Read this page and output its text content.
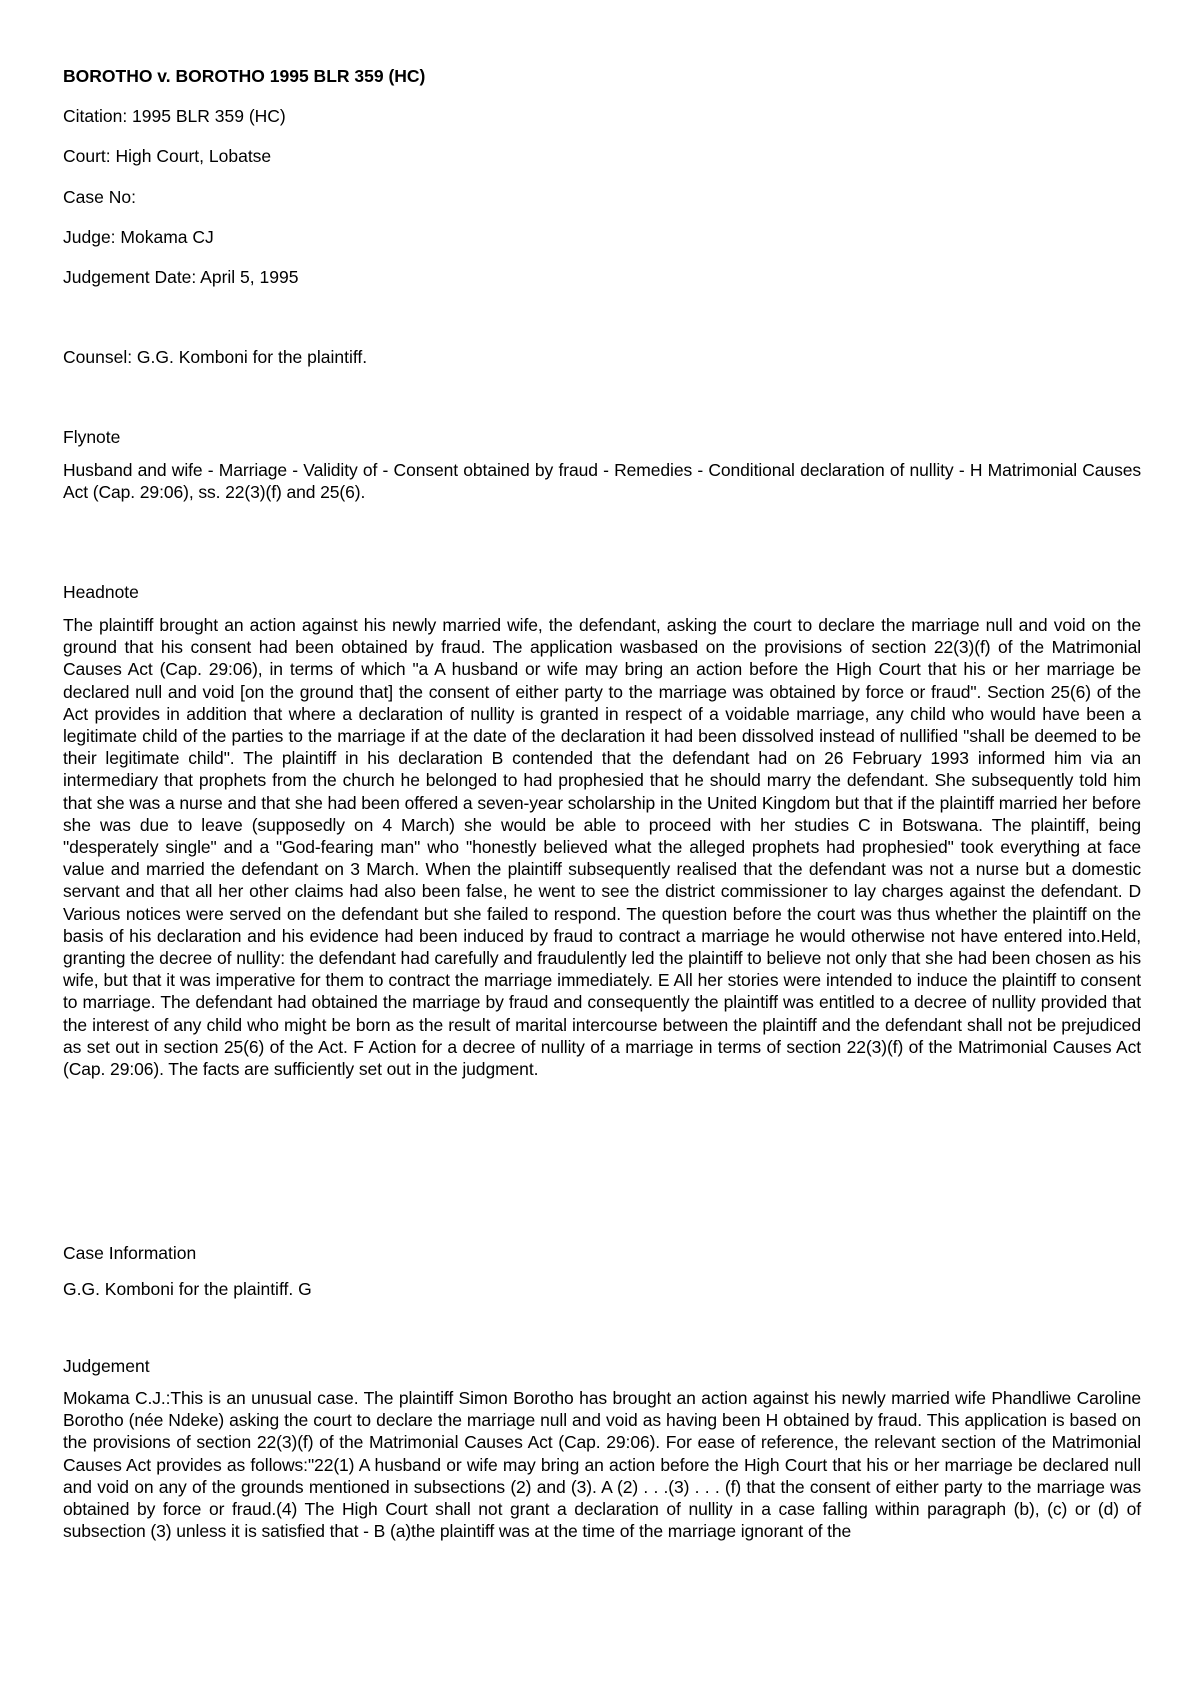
BOROTHO v. BOROTHO 1995 BLR 359 (HC)
Citation: 1995 BLR 359 (HC)
Court: High Court, Lobatse
Case No:
Judge: Mokama CJ
Judgement Date: April 5, 1995
Counsel: G.G. Komboni for the plaintiff.
Flynote
Husband and wife - Marriage - Validity of - Consent obtained by fraud - Remedies - Conditional declaration of nullity - H Matrimonial Causes Act (Cap. 29:06), ss. 22(3)(f) and 25(6).
Headnote
The plaintiff brought an action against his newly married wife, the defendant, asking the court to declare the marriage null and void on the ground that his consent had been obtained by fraud. The application wasbased on the provisions of section 22(3)(f) of the Matrimonial Causes Act (Cap. 29:06), in terms of which "a A husband or wife may bring an action before the High Court that his or her marriage be declared null and void [on the ground that] the consent of either party to the marriage was obtained by force or fraud". Section 25(6) of the Act provides in addition that where a declaration of nullity is granted in respect of a voidable marriage, any child who would have been a legitimate child of the parties to the marriage if at the date of the declaration it had been dissolved instead of nullified "shall be deemed to be their legitimate child". The plaintiff in his declaration B contended that the defendant had on 26 February 1993 informed him via an intermediary that prophets from the church he belonged to had prophesied that he should marry the defendant. She subsequently told him that she was a nurse and that she had been offered a seven-year scholarship in the United Kingdom but that if the plaintiff married her before she was due to leave (supposedly on 4 March) she would be able to proceed with her studies C in Botswana. The plaintiff, being "desperately single" and a "God-fearing man" who "honestly believed what the alleged prophets had prophesied" took everything at face value and married the defendant on 3 March. When the plaintiff subsequently realised that the defendant was not a nurse but a domestic servant and that all her other claims had also been false, he went to see the district commissioner to lay charges against the defendant. D Various notices were served on the defendant but she failed to respond. The question before the court was thus whether the plaintiff on the basis of his declaration and his evidence had been induced by fraud to contract a marriage he would otherwise not have entered into.Held, granting the decree of nullity: the defendant had carefully and fraudulently led the plaintiff to believe not only that she had been chosen as his wife, but that it was imperative for them to contract the marriage immediately. E All her stories were intended to induce the plaintiff to consent to marriage. The defendant had obtained the marriage by fraud and consequently the plaintiff was entitled to a decree of nullity provided that the interest of any child who might be born as the result of marital intercourse between the plaintiff and the defendant shall not be prejudiced as set out in section 25(6) of the Act. F Action for a decree of nullity of a marriage in terms of section 22(3)(f) of the Matrimonial Causes Act (Cap. 29:06). The facts are sufficiently set out in the judgment.
Case Information
G.G. Komboni for the plaintiff. G
Judgement
Mokama C.J.:This is an unusual case. The plaintiff Simon Borotho has brought an action against his newly married wife Phandliwe Caroline Borotho (née Ndeke) asking the court to declare the marriage null and void as having been H obtained by fraud. This application is based on the provisions of section 22(3)(f) of the Matrimonial Causes Act (Cap. 29:06). For ease of reference, the relevant section of the Matrimonial Causes Act provides as follows:"22(1) A husband or wife may bring an action before the High Court that his or her marriage be declared null and void on any of the grounds mentioned in subsections (2) and (3). A (2) . . .(3) . . . (f) that the consent of either party to the marriage was obtained by force or fraud.(4) The High Court shall not grant a declaration of nullity in a case falling within paragraph (b), (c) or (d) of subsection (3) unless it is satisfied that - B (a)the plaintiff was at the time of the marriage ignorant of the
